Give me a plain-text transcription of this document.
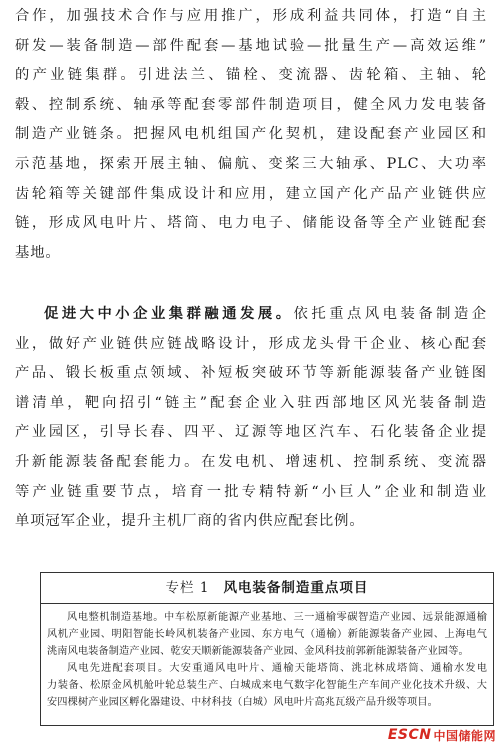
合作，加强技术合作与应用推广，形成利益共同体，打造“自主
研发—装备制造—部件配套—基地试验—批量生产—高效运维”
的产业链集群。引进法兰、锚栓、变流器、齿轮箱、主轴、轮
毂、控制系统、轴承等配套零部件制造项目，健全风力发电装备
制造产业链条。把握风电机组国产化契机，建设配套产业园区和
示范基地，探索开展主轴、偏航、变桨三大轴承、PLC、大功率
齿轮箱等关键部件集成设计和应用，建立国产化产品产业链供应
链，形成风电叶片、塔筒、电力电子、储能设备等全产业链配套
基地。
促进大中小企业集群融通发展。依托重点风电装备制造企
业，做好产业链供应链战略设计，形成龙头骨干企业、核心配套
产品、锻长板重点领域、补短板突破环节等新能源装备产业链图
谱清单，靶向招引“链主”配套企业入驻西部地区风光装备制造
产业园区，引导长春、四平、辽源等地区汽车、石化装备企业提
升新能源装备配套能力。在发电机、增速机、控制系统、变流器
等产业链重要节点，培育一批专精特新“小巨人”企业和制造业
单项冠军企业，提升主机厂商的省内供应配套比例。
专栏 1 风电装备制造重点项目
风电整机制造基地。中车松原新能源产业基地、三一通榆零碳智造产业园、远景能源通榆
风机产业园、明阳智能长岭风机装备产业园、东方电气（通榆）新能源装备产业园、上海电气
洮南风电装备制造产业园、乾安天顺新能源装备产业园、金风科技前郭新能源装备产业园等。
风电先进配套项目。大安重通风电叶片、通榆天能塔筒、洮北林成塔筒、通榆水发电
力装备、松原金风机舱叶轮总装生产、白城成来电气数字化智能生产车间产业化技术升级、大
安四棵树产业园区孵化器建设、中材科技（白城）风电叶片高兆瓦级产品升级等项目。
ESCN 中国储能网
